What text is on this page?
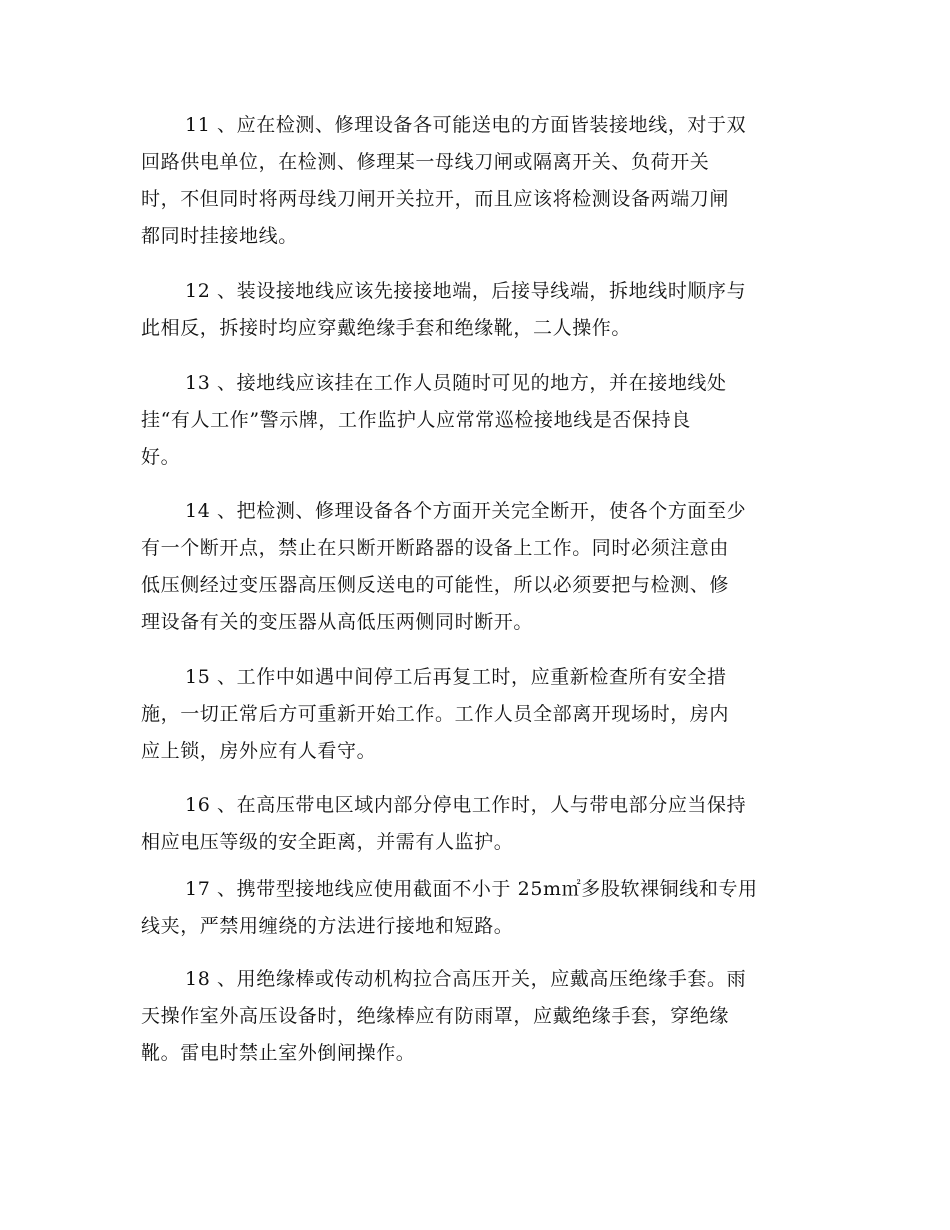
11 、应在检测、修理设备各可能送电的方面皆装接地线，对于双
回路供电单位，在检测、修理某一母线刀闸或隔离开关、负荷开关
时，不但同时将两母线刀闸开关拉开，而且应该将检测设备两端刀闸
都同时挂接地线。

12 、装设接地线应该先接接地端，后接导线端，拆地线时顺序与
此相反，拆接时均应穿戴绝缘手套和绝缘靴，二人操作。

13 、接地线应该挂在工作人员随时可见的地方，并在接地线处
挂“有人工作”警示牌，工作监护人应常常巡检接地线是否保持良
好。

14 、把检测、修理设备各个方面开关完全断开，使各个方面至少
有一个断开点，禁止在只断开断路器的设备上工作。同时必须注意由
低压侧经过变压器高压侧反送电的可能性，所以必须要把与检测、修
理设备有关的变压器从高低压两侧同时断开。

15 、工作中如遇中间停工后再复工时，应重新检查所有安全措
施，一切正常后方可重新开始工作。工作人员全部离开现场时，房内
应上锁，房外应有人看守。

16 、在高压带电区域内部分停电工作时，人与带电部分应当保持
相应电压等级的安全距离，并需有人监护。

17 、携带型接地线应使用截面不小于 25m㎡多股软裸铜线和专用
线夹，严禁用缠绕的方法进行接地和短路。

18 、用绝缘棒或传动机构拉合高压开关，应戴高压绝缘手套。雨
天操作室外高压设备时，绝缘棒应有防雨罩，应戴绝缘手套，穿绝缘
靴。雷电时禁止室外倒闸操作。
